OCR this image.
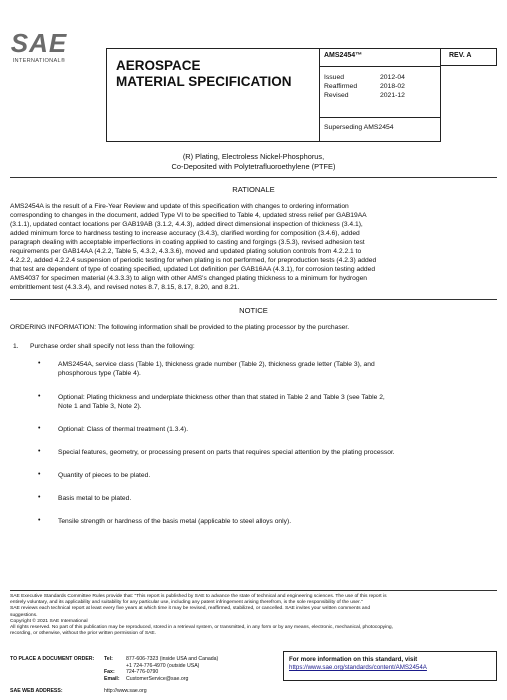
SAE
INTERNATIONAL®	AEROSPACE
MATERIAL SPECIFICATION
AMS2454™
Issued	2012-04
Reaffirmed	2018-02
Revised	2021-12
Superseding AMS2454
REV. A
(R) Plating, Electroless Nickel-Phosphorus,
Co-Deposited with Polytetrafluoroethylene (PTFE)
RATIONALE
AMS2454A is the result of a Fire-Year Review and update of this specification with changes to ordering information
corresponding to changes in the document, added Type VI to be specified to Table 4, updated stress relief per GAB19AA
(3.1.1), updated contact locations per GAB19AB (3.1.2, 4.4.3), added direct dimensional inspection of thickness (3.4.1),
added minimum force to hardness testing to increase accuracy (3.4.3), clarified wording for composition (3.4.6), added
paragraph dealing with acceptable imperfections in coating applied to casting and forgings (3.5.3), revised adhesion test
requirements per GAB14AA (4.2.2, Table 5, 4.3.2, 4.3.3.6), moved and updated plating solution controls from 4.2.2.1 to
4.2.2.2, added 4.2.2.4 suspension of periodic testing for when plating is not performed, for preproduction tests (4.2.3) added
that test are dependent of type of coating specified, updated Lot definition per GAB16AA (4.3.1), for corrosion testing added
AMS4037 for specimen material (4.3.3.3) to align with other AMS's changed plating thickness to a minimum for hydrogen
embrittlement test (4.3.3.4), and revised notes 8.7, 8.15, 8.17, 8.20, and 8.21.
NOTICE
ORDERING INFORMATION: The following information shall be provided to the plating processor by the purchaser.
1. Purchase order shall specify not less than the following:
•	AMS2454A, service class (Table 1), thickness grade number (Table 2), thickness grade letter (Table 3), and
phosphorous type (Table 4).
•	Optional: Plating thickness and underplate thickness other than that stated in Table 2 and Table 3 (see Table 2,
Note 1 and Table 3, Note 2).
•	Optional: Class of thermal treatment (1.3.4).
•	Special features, geometry, or processing present on parts that requires special attention by the plating processor.
•	Quantity of pieces to be plated.
•	Basis metal to be plated.
•	Tensile strength or hardness of the basis metal (applicable to steel alloys only).
SAE Executive Standards Committee Rules provide that: "This report is published by SAE to advance the state of technical and engineering sciences. The use of this report is
entirely voluntary, and its applicability and suitability for any particular use, including any patent infringement arising therefrom, is the sole responsibility of the user."
SAE reviews each technical report at least every five years at which time it may be revised, reaffirmed, stabilized, or cancelled. SAE invites your written comments and
suggestions.
Copyright © 2021 SAE International
All rights reserved. No part of this publication may be reproduced, stored in a retrieval system, or transmitted, in any form or by any means, electronic, mechanical, photocopying,
recording, or otherwise, without the prior written permission of SAE.
TO PLACE A DOCUMENT ORDER:	Tel:	877-606-7323 (inside USA and Canada)
+1 724-776-4970 (outside USA)
Fax:	724-776-0790
Email:	CustomerService@sae.org
SAE WEB ADDRESS:	http://www.sae.org
For more information on this standard, visit
https://www.sae.org/standards/content/AMS2454A
